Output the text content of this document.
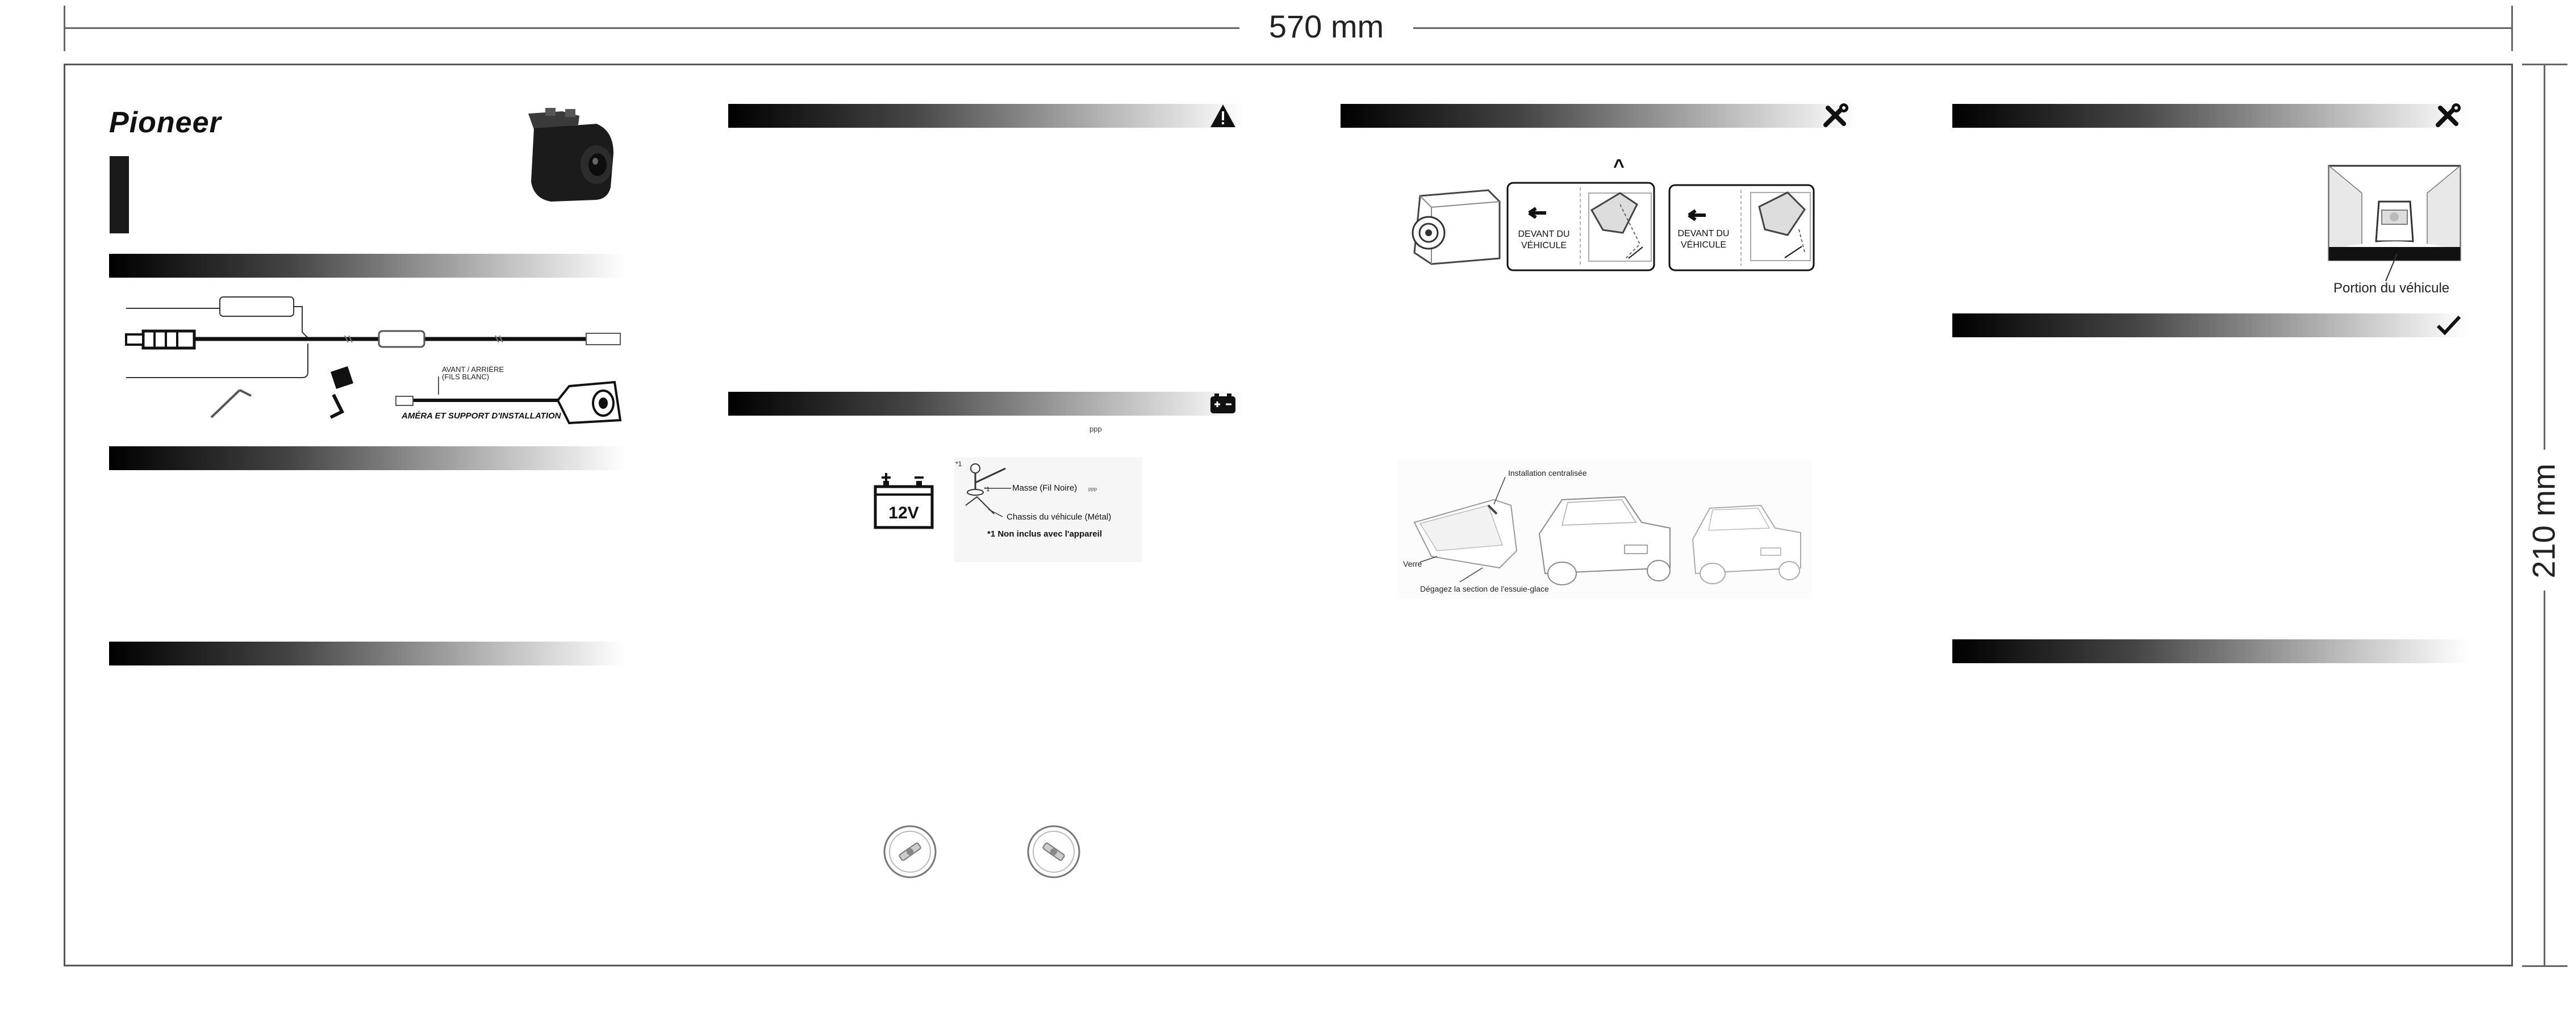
570 mm
210 mm
Pioneer
AVANT / ARRIÈRE
(FILS BLANC)
AMÉRA ET SUPPORT D'INSTALLATION
ppp
12V
*1
*1	Masse (Fil Noire) ppp
Chassis du véhicule (Métal)
*1 Non inclus avec l'appareil
^
DEVANT DU
VÉHICULE
DEVANT DU
VÉHICULE
Installation centralisée
Verre
Dégagez la section de l'essuie-glace
Portion du véhicule
